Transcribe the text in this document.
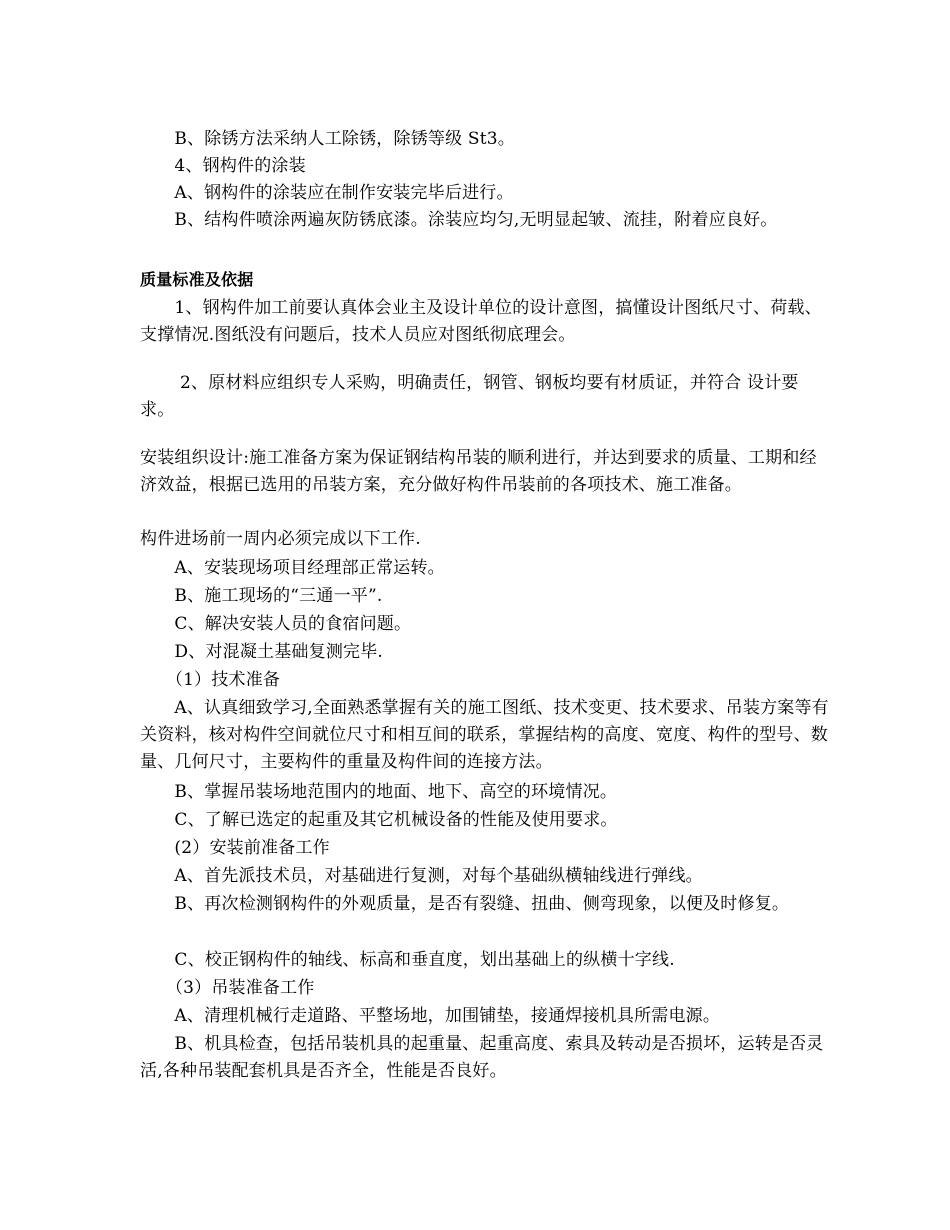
　　B、除锈方法采纳人工除锈，除锈等级 St3。
　　4、钢构件的涂装
　　A、钢构件的涂装应在制作安装完毕后进行。
　　B、结构件喷涂两遍灰防锈底漆。涂装应均匀,无明显起皱、流挂，附着应良好。
质量标准及依据
　　1、钢构件加工前要认真体会业主及设计单位的设计意图，搞懂设计图纸尺寸、荷载、支撑情况.图纸没有问题后，技术人员应对图纸彻底理会。
　　 2、原材料应组织专人采购，明确责任，钢管、钢板均要有材质证，并符合 设计要求。
安装组织设计:施工准备方案为保证钢结构吊装的顺利进行，并达到要求的质量、工期和经济效益，根据已选用的吊装方案，充分做好构件吊装前的各项技术、施工准备。
构件进场前一周内必须完成以下工作.
　　A、安装现场项目经理部正常运转。
　　B、施工现场的“三通一平”.
　　C、解决安装人员的食宿问题。
　　D、对混凝土基础复测完毕.
　　（1）技术准备
　　A、认真细致学习,全面熟悉掌握有关的施工图纸、技术变更、技术要求、吊装方案等有关资料，核对构件空间就位尺寸和相互间的联系，掌握结构的高度、宽度、构件的型号、数量、几何尺寸，主要构件的重量及构件间的连接方法。
　　B、掌握吊装场地范围内的地面、地下、高空的环境情况。
　　C、了解已选定的起重及其它机械设备的性能及使用要求。
　　(2）安装前准备工作
　　A、首先派技术员，对基础进行复测，对每个基础纵横轴线进行弹线。
　　B、再次检测钢构件的外观质量，是否有裂缝、扭曲、侧弯现象，以便及时修复。
　　C、校正钢构件的轴线、标高和垂直度，划出基础上的纵横十字线.
　　（3）吊装准备工作
　　A、清理机械行走道路、平整场地，加围铺垫，接通焊接机具所需电源。
　　B、机具检查，包括吊装机具的起重量、起重高度、索具及转动是否损坏，运转是否灵活,各种吊装配套机具是否齐全，性能是否良好。
